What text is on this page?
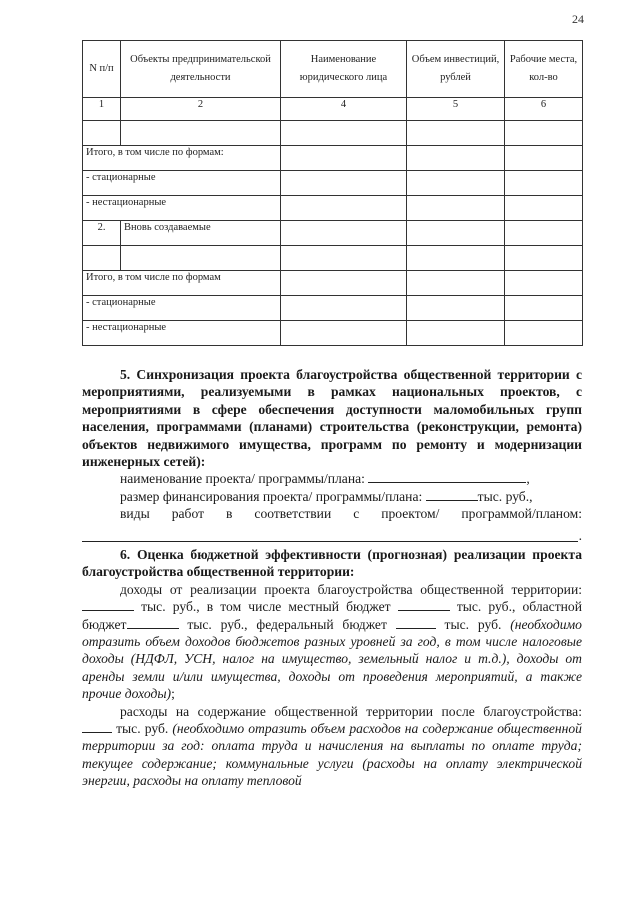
24
N п/п	Объекты предпринимательской деятельности	Наименование юридического лица	Объем инвестиций, рублей	Рабочие места, кол-во
1	2	4	5	6

Итого, в том числе по формам:				
- стационарные				
- нестационарные				
2.	Вновь создаваемые			

Итого, в том числе по формам				
- стационарные				
- нестационарные				
5. Синхронизация проекта благоустройства общественной территории с мероприятиями, реализуемыми в рамках национальных проектов, с мероприятиями в сфере обеспечения доступности маломобильных групп населения, программами (планами) строительства (реконструкции, ремонта) объектов недвижимого имущества, программ по ремонту и модернизации инженерных сетей):
наименование проекта/ программы/плана:	,
размер финансирования проекта/ программы/плана:	тыс. руб.,
виды работ в соответствии с проектом/ программой/планом:
.
6. Оценка бюджетной эффективности (прогнозная) реализации проекта благоустройства общественной территории:
доходы от реализации проекта благоустройства общественной территории:  тыс. руб., в том числе местный бюджет	тыс. руб., областной бюджет	тыс. руб., федеральный бюджет	тыс. руб. (необходимо отразить объем доходов бюджетов разных уровней за год, в том числе налоговые доходы (НДФЛ, УСН, налог на имущество, земельный налог и т.д.), доходы от аренды земли и/или имущества, доходы от проведения мероприятий, а также прочие доходы);
расходы на содержание общественной территории после благоустройства:  тыс. руб. (необходимо отразить объем расходов на содержание общественной территории за год: оплата труда и начисления на выплаты по оплате труда; текущее содержание; коммунальные услуги (расходы на оплату электрической энергии, расходы на оплату тепловой
